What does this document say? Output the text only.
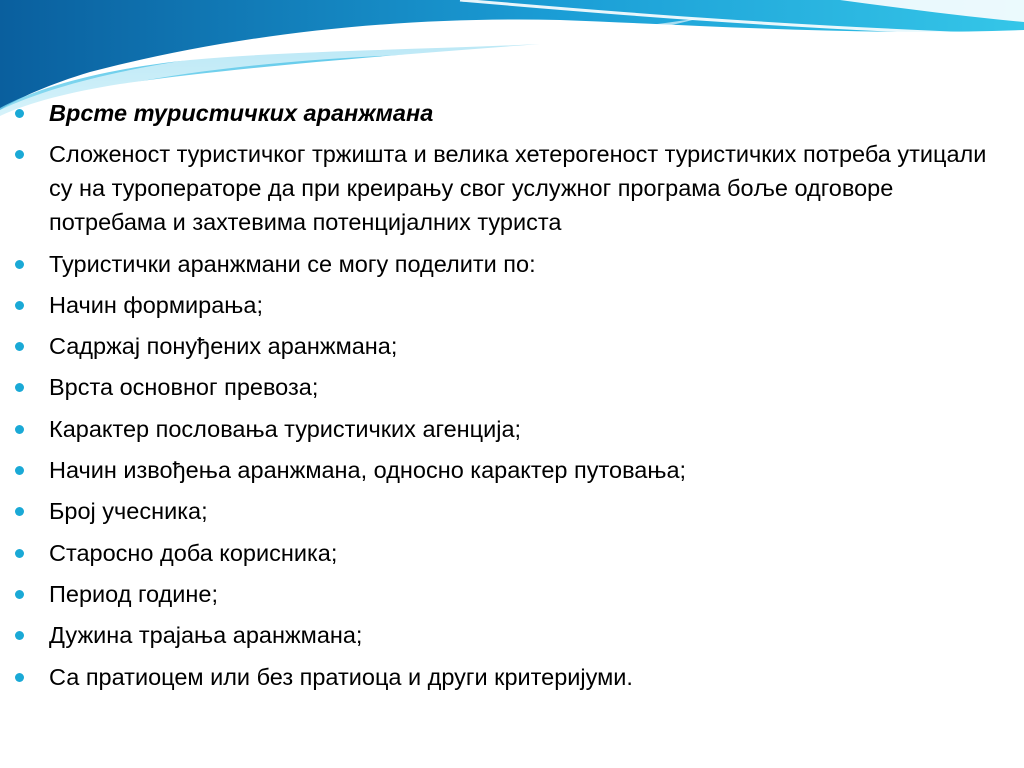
Врсте туристичких аранжмана
Сложеност туристичког тржишта и велика хетерогеност туристичких потреба утицали су на туроператоре да при креирању свог услужног програма боље одговоре потребама и захтевима потенцијалних туриста
Туристички аранжмани се могу поделити по:
Начин формирања;
Садржај понуђених аранжмана;
Врста основног превоза;
Карактер пословања туристичких агенција;
Начин извођења аранжмана, односно карактер путовања;
Број учесника;
Старосно доба корисника;
Период године;
Дужина трајања аранжмана;
Са пратиоцем или без пратиоца и други критеријуми.
